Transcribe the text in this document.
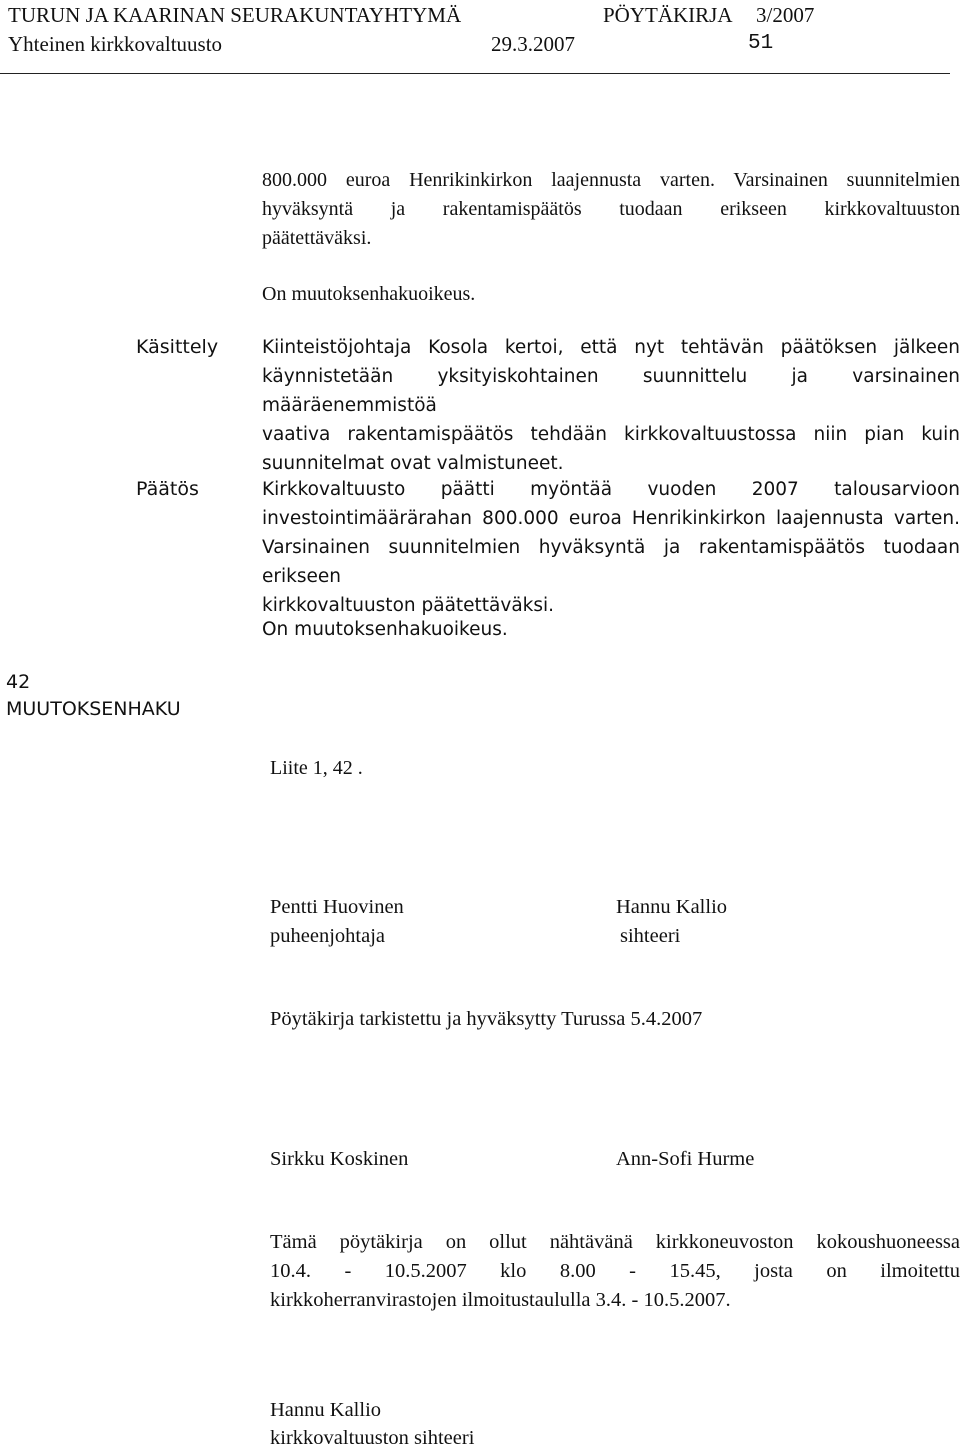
TURUN JA KAARINAN SEURAKUNTAYHTYMÄ	PÖYTÄKIRJA 3/2007
Yhteinen kirkkovaltuusto	29.3.2007	51
800.000 euroa Henrikinkirkon laajennusta varten. Varsinainen suunnitelmien
hyväksyntä ja rakentamispäätös tuodaan erikseen kirkkovaltuuston
päätettäväksi.
On muutoksenhakuoikeus.
Käsittely Kiinteistöjohtaja Kosola kertoi, että nyt tehtävän päätöksen jälkeen
käynnistetään yksityiskohtainen suunnittelu ja varsinainen määräenemmistöä
vaativa rakentamispäätös tehdään kirkkovaltuustossa niin pian kuin
suunnitelmat ovat valmistuneet.
Päätös	Kirkkovaltuusto päätti myöntää vuoden 2007 talousarvioon
investointimäärärahan 800.000 euroa Henrikinkirkon laajennusta varten.
Varsinainen suunnitelmien hyväksyntä ja rakentamispäätös tuodaan erikseen
kirkkovaltuuston päätettäväksi.
On muutoksenhakuoikeus.
42
MUUTOKSENHAKU
Liite 1, 42 .
Pentti Huovinen
puheenjohtaja
Hannu Kallio
sihteeri
Pöytäkirja tarkistettu ja hyväksytty Turussa 5.4.2007
Sirkku Koskinen	Ann-Sofi Hurme
Tämä pöytäkirja on ollut nähtävänä kirkkoneuvoston kokoushuoneessa
10.4. - 10.5.2007 klo 8.00 - 15.45, josta on ilmoitettu
kirkkoherranvirastojen ilmoitustaululla 3.4. - 10.5.2007.
Hannu Kallio
kirkkovaltuuston sihteeri
